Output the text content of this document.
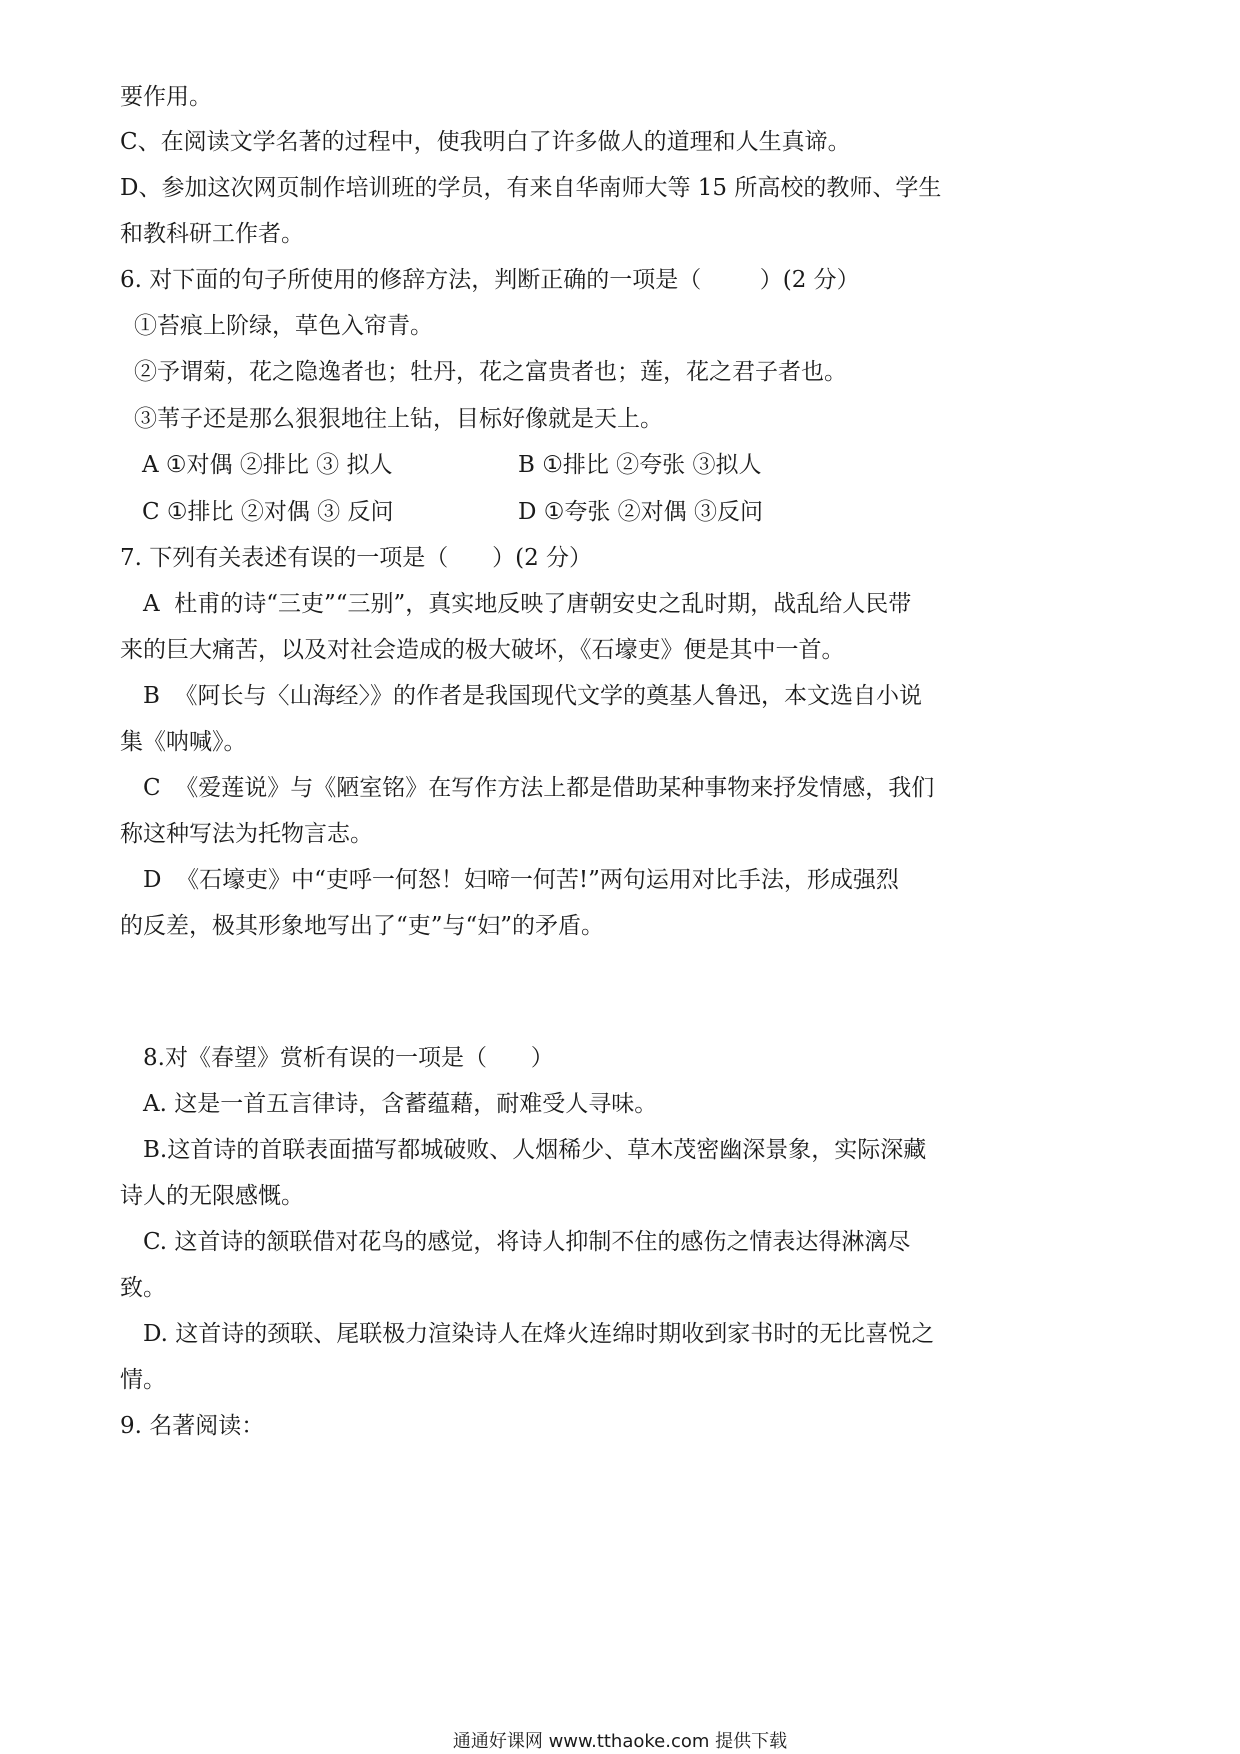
要作用。
C、在阅读文学名著的过程中，使我明白了许多做人的道理和人生真谛。
D、参加这次网页制作培训班的学员，有来自华南师大等 15 所高校的教师、学生
和教科研工作者。
6. 对下面的句子所使用的修辞方法，判断正确的一项是（        ）(2 分）
①苔痕上阶绿，草色入帘青。
②予谓菊，花之隐逸者也；牡丹，花之富贵者也；莲，花之君子者也。
③苇子还是那么狠狠地往上钻，目标好像就是天上。
A ①对偶 ②排比 ③ 拟人	B ①排比 ②夸张 ③拟人
C ①排比 ②对偶 ③ 反问	D ①夸张 ②对偶 ③反问
7. 下列有关表述有误的一项是（      ）(2 分）
A  杜甫的诗“三吏”“三别”，真实地反映了唐朝安史之乱时期，战乱给人民带
来的巨大痛苦，以及对社会造成的极大破坏，《石壕吏》便是其中一首。
B  《阿长与〈山海经〉》的作者是我国现代文学的奠基人鲁迅，本文选自小说
集《呐喊》。
C  《爱莲说》与《陋室铭》在写作方法上都是借助某种事物来抒发情感，我们
称这种写法为托物言志。
D  《石壕吏》中“吏呼一何怒！妇啼一何苦!”两句运用对比手法，形成强烈
的反差，极其形象地写出了“吏”与“妇”的矛盾。
8.对《春望》赏析有误的一项是（      ）
A. 这是一首五言律诗，含蓄蕴藉，耐难受人寻味。
B.这首诗的首联表面描写都城破败、人烟稀少、草木茂密幽深景象，实际深藏
诗人的无限感慨。
C. 这首诗的颔联借对花鸟的感觉，将诗人抑制不住的感伤之情表达得淋漓尽
致。
D. 这首诗的颈联、尾联极力渲染诗人在烽火连绵时期收到家书时的无比喜悦之
情。
9. 名著阅读：
通通好课网 www.tthaoke.com 提供下载
